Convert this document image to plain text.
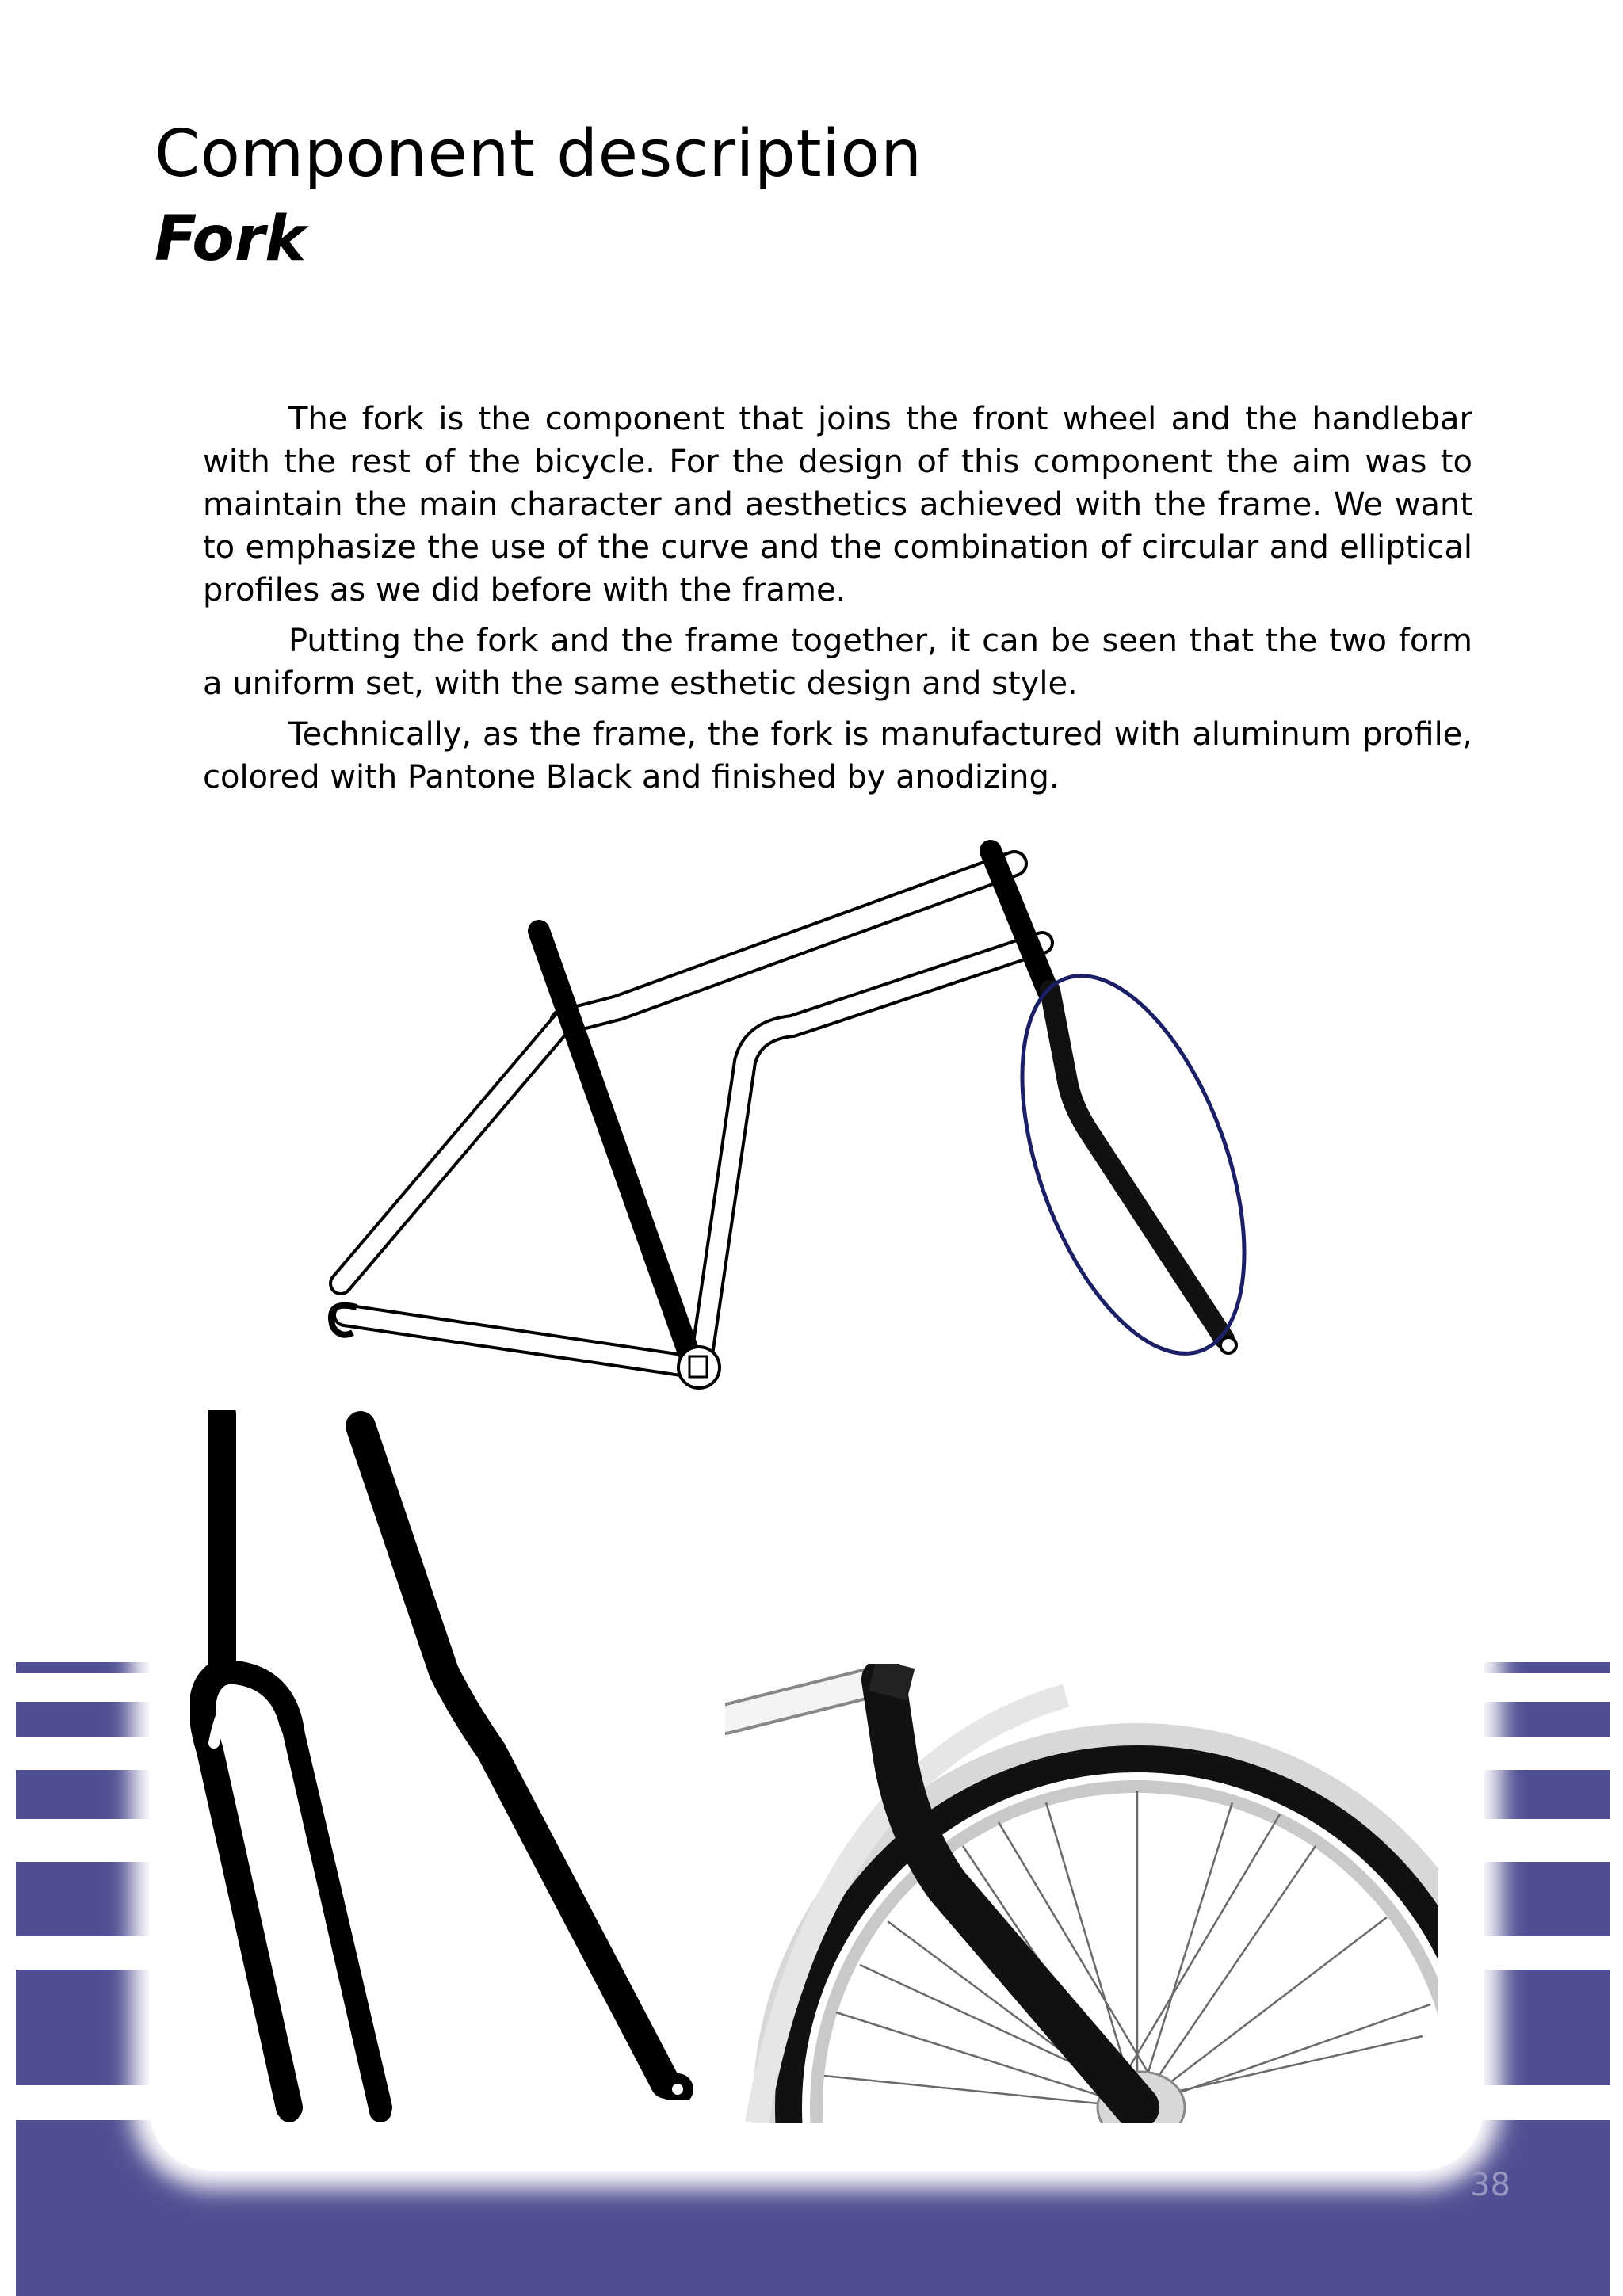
Component description
Fork

The fork is the component that joins the front wheel and the handlebar with the rest of the bicycle. For the design of this component the aim was to maintain the main character and aesthetics achieved with the frame. We want to emphasize the use of the curve and the combination of circular and elliptical profiles as we did before with the frame.

Putting the fork and the frame together, it can be seen that the two form a uniform set, with the same esthetic design and style.

Technically, as the frame, the fork is manufactured with aluminum profile, colored with Pantone Black and finished by anodizing.

38
